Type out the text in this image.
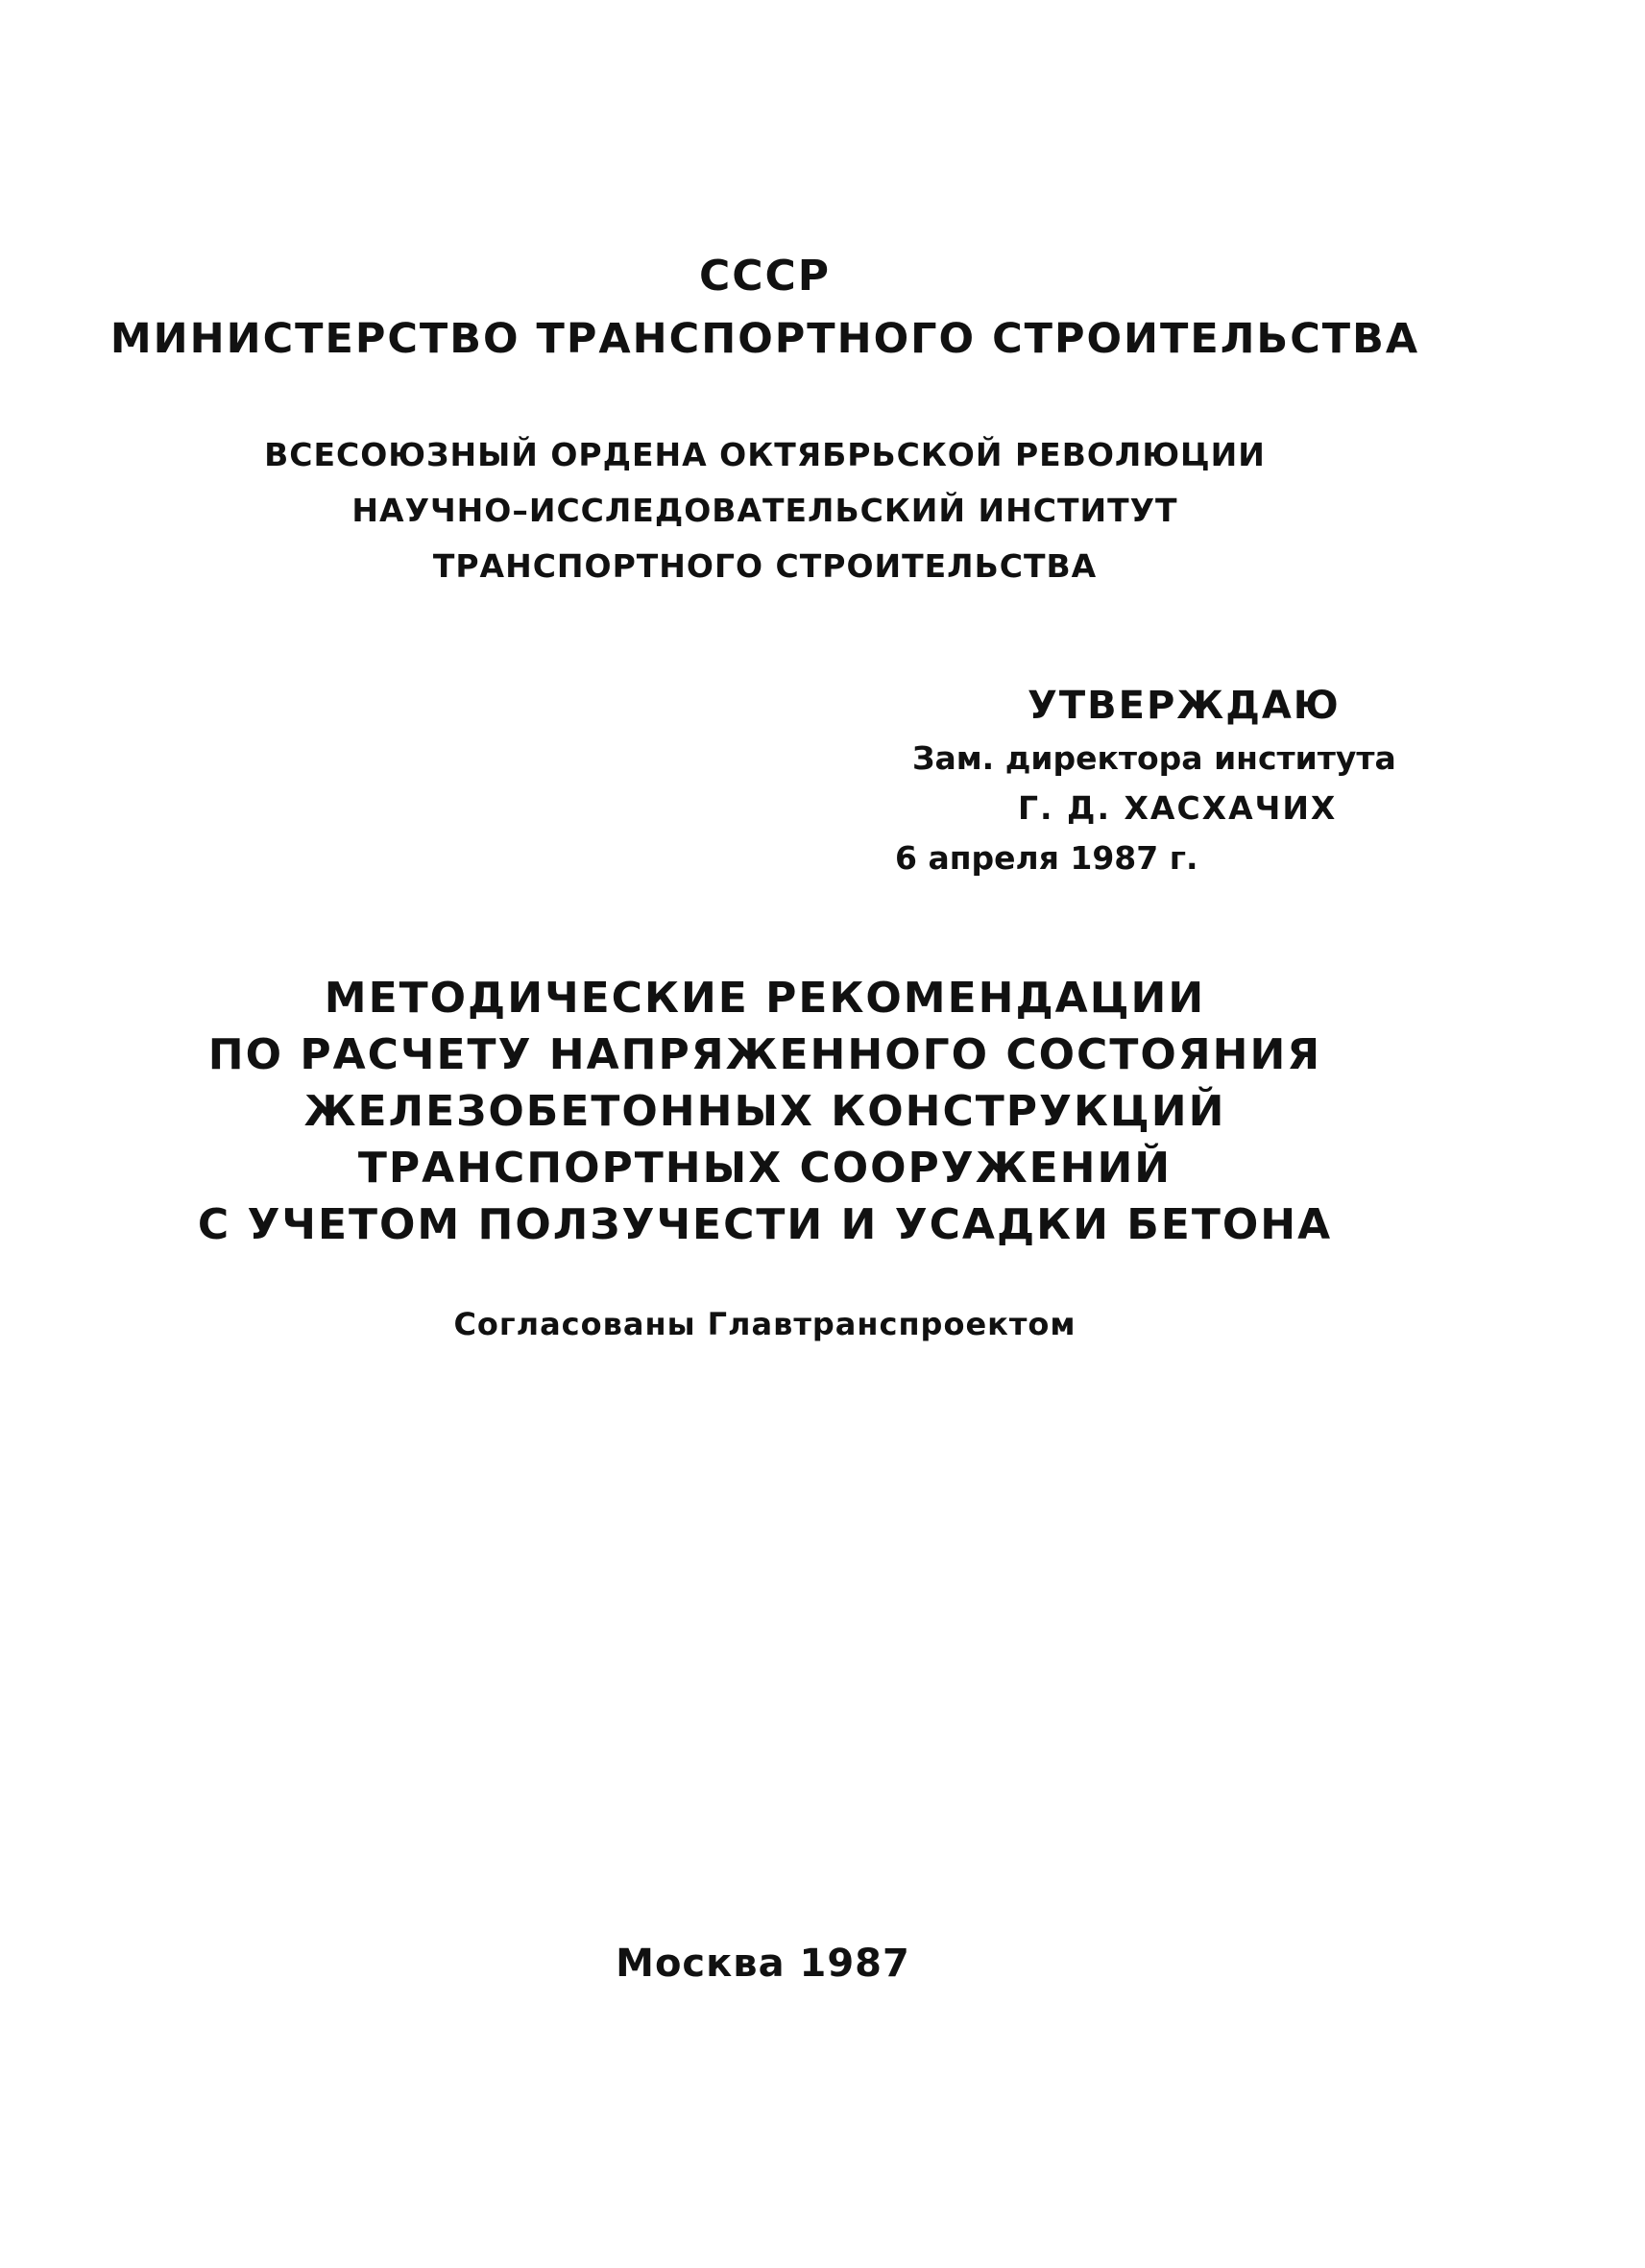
СССР
МИНИСТЕРСТВО ТРАНСПОРТНОГО СТРОИТЕЛЬСТВА
ВСЕСОЮЗНЫЙ ОРДЕНА ОКТЯБРЬСКОЙ РЕВОЛЮЦИИ
НАУЧНО–ИССЛЕДОВАТЕЛЬСКИЙ ИНСТИТУТ
ТРАНСПОРТНОГО СТРОИТЕЛЬСТВА
УТВЕРЖДАЮ
Зам. директора института
Г. Д. ХАСХАЧИХ
6 апреля 1987 г.
МЕТОДИЧЕСКИЕ РЕКОМЕНДАЦИИ
ПО РАСЧЕТУ НАПРЯЖЕННОГО СОСТОЯНИЯ
ЖЕЛЕЗОБЕТОННЫХ КОНСТРУКЦИЙ
ТРАНСПОРТНЫХ СООРУЖЕНИЙ
С УЧЕТОМ ПОЛЗУЧЕСТИ И УСАДКИ БЕТОНА
Согласованы Главтранспроектом
Москва 1987
